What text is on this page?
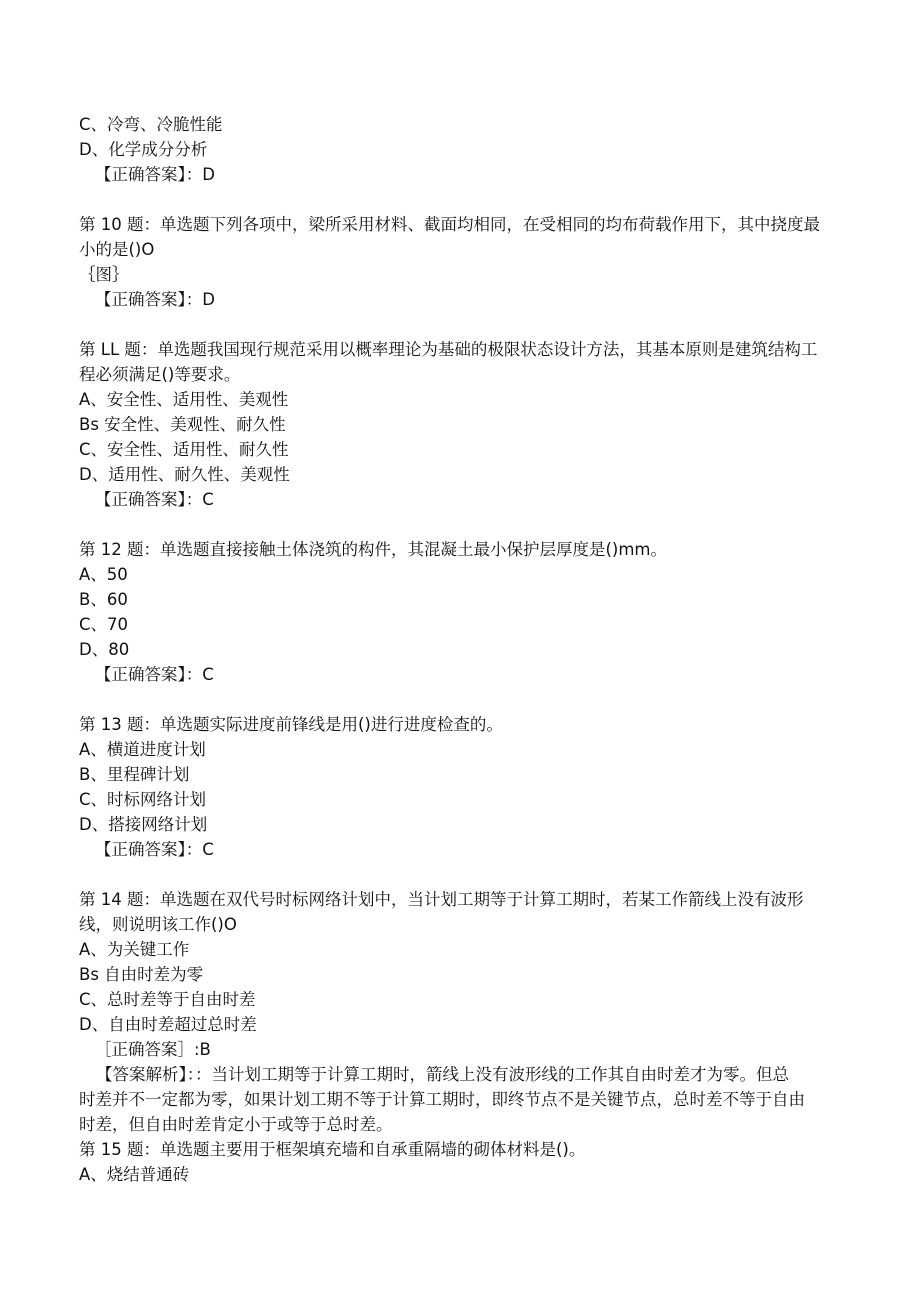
C、冷弯、冷脆性能
D、化学成分分析
【正确答案】：D
第 10 题：单选题下列各项中，梁所采用材料、截面均相同，在受相同的均布荷载作用下，其中挠度最
小的是()O
｛图｝
【正确答案】：D
第 LL 题：单选题我国现行规范采用以概率理论为基础的极限状态设计方法，其基本原则是建筑结构工
程必须满足()等要求。
A、安全性、适用性、美观性
Bs 安全性、美观性、耐久性
C、安全性、适用性、耐久性
D、适用性、耐久性、美观性
【正确答案】：C
第 12 题：单选题直接接触土体浇筑的构件，其混凝土最小保护层厚度是()mm。
A、50
B、60
C、70
D、80
【正确答案】：C
第 13 题：单选题实际进度前锋线是用()进行进度检查的。
A、横道进度计划
B、里程碑计划
C、时标网络计划
D、搭接网络计划
【正确答案】：C
第 14 题：单选题在双代号时标网络计划中，当计划工期等于计算工期时，若某工作箭线上没有波形
线，则说明该工作()O
A、为关键工作
Bs 自由时差为零
C、总时差等于自由时差
D、自由时差超过总时差
［正确答案］:B
【答案解析】：：当计划工期等于计算工期时，箭线上没有波形线的工作其自由时差才为零。但总
时差并不一定都为零，如果计划工期不等于计算工期时，即终节点不是关键节点，总时差不等于自由
时差，但自由时差肯定小于或等于总时差。
第 15 题：单选题主要用于框架填充墙和自承重隔墙的砌体材料是()。
A、烧结普通砖
